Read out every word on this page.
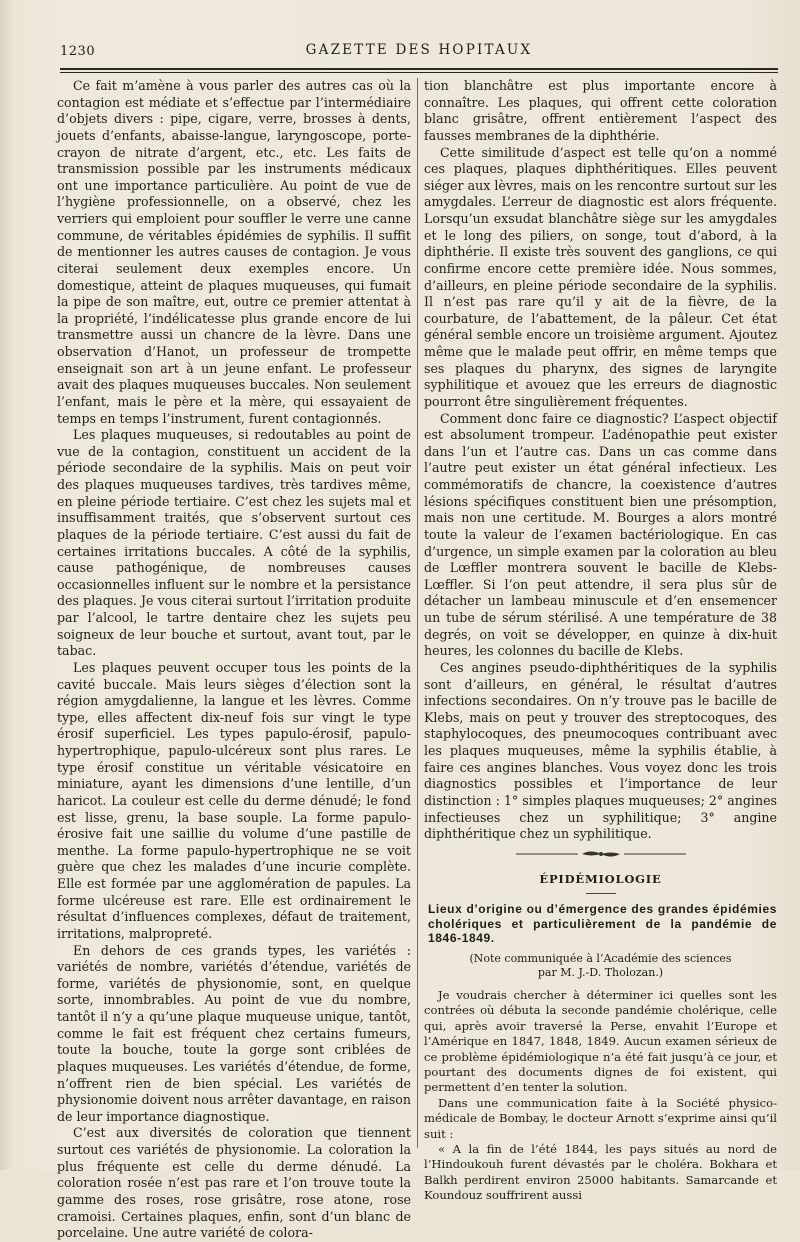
1230	GAZETTE DES HOPITAUX

Ce fait m’amène à vous parler des autres cas où la contagion est médiate et s’effectue par l’intermédiaire d’objets divers : pipe, cigare, verre, brosses à dents, jouets d’enfants, abaisse-langue, laryngoscope, porte-crayon de nitrate d’argent, etc., etc. Les faits de transmission possible par les instruments médicaux ont une importance particulière. Au point de vue de l’hygiène professionnelle, on a observé, chez les verriers qui emploient pour souffler le verre une canne commune, de véritables épidémies de syphilis. Il suffit de mentionner les autres causes de contagion. Je vous citerai seulement deux exemples encore. Un domestique, atteint de plaques muqueuses, qui fumait la pipe de son maître, eut, outre ce premier attentat à la propriété, l’indélicatesse plus grande encore de lui transmettre aussi un chancre de la lèvre. Dans une observation d’Hanot, un professeur de trompette enseignait son art à un jeune enfant. Le professeur avait des plaques muqueuses buccales. Non seulement l’enfant, mais le père et la mère, qui essayaient de temps en temps l’instrument, furent contagionnés.

Les plaques muqueuses, si redoutables au point de vue de la contagion, constituent un accident de la période secondaire de la syphilis. Mais on peut voir des plaques muqueuses tardives, très tardives même, en pleine période tertiaire. C’est chez les sujets mal et insuffisamment traités, que s’observent surtout ces plaques de la période tertiaire. C’est aussi du fait de certaines irritations buccales. A côté de la syphilis, cause pathogénique, de nombreuses causes occasionnelles influent sur le nombre et la persistance des plaques. Je vous citerai surtout l’irritation produite par l’alcool, le tartre dentaire chez les sujets peu soigneux de leur bouche et surtout, avant tout, par le tabac.

Les plaques peuvent occuper tous les points de la cavité buccale. Mais leurs sièges d’élection sont la région amygdalienne, la langue et les lèvres. Comme type, elles affectent dix-neuf fois sur vingt le type érosif superficiel. Les types papulo-érosif, papulo-hypertrophique, papulo-ulcéreux sont plus rares. Le type érosif constitue un véritable vésicatoire en miniature, ayant les dimensions d’une lentille, d’un haricot. La couleur est celle du derme dénudé; le fond est lisse, grenu, la base souple. La forme papulo-érosive fait une saillie du volume d’une pastille de menthe. La forme papulo-hypertrophique ne se voit guère que chez les malades d’une incurie complète. Elle est formée par une agglomération de papules. La forme ulcéreuse est rare. Elle est ordinairement le résultat d’influences complexes, défaut de traitement, irritations, malpropreté.

En dehors de ces grands types, les variétés : variétés de nombre, variétés d’étendue, variétés de forme, variétés de physionomie, sont, en quelque sorte, innombrables. Au point de vue du nombre, tantôt il n’y a qu’une plaque muqueuse unique, tantôt, comme le fait est fréquent chez certains fumeurs, toute la bouche, toute la gorge sont criblées de plaques muqueuses. Les variétés d’étendue, de forme, n’offrent rien de bien spécial. Les variétés de physionomie doivent nous arrêter davantage, en raison de leur importance diagnostique.

C’est aux diversités de coloration que tiennent surtout ces variétés de physionomie. La coloration la plus fréquente est celle du derme dénudé. La coloration rosée n’est pas rare et l’on trouve toute la gamme des roses, rose grisâtre, rose atone, rose cramoisi. Certaines plaques, enfin, sont d’un blanc de porcelaine. Une autre variété de colora-

tion blanchâtre est plus importante encore à connaître. Les plaques, qui offrent cette coloration blanc grisâtre, offrent entièrement l’aspect des fausses membranes de la diphthérie.

Cette similitude d’aspect est telle qu’on a nommé ces plaques, plaques diphthéritiques. Elles peuvent siéger aux lèvres, mais on les rencontre surtout sur les amygdales. L’erreur de diagnostic est alors fréquente. Lorsqu’un exsudat blanchâtre siège sur les amygdales et le long des piliers, on songe, tout d’abord, à la diphthérie. Il existe très souvent des ganglions, ce qui confirme encore cette première idée. Nous sommes, d’ailleurs, en pleine période secondaire de la syphilis. Il n’est pas rare qu’il y ait de la fièvre, de la courbature, de l’abattement, de la pâleur. Cet état général semble encore un troisième argument. Ajoutez même que le malade peut offrir, en même temps que ses plaques du pharynx, des signes de laryngite syphilitique et avouez que les erreurs de diagnostic pourront être singulièrement fréquentes.

Comment donc faire ce diagnostic? L’aspect objectif est absolument trompeur. L’adénopathie peut exister dans l’un et l’autre cas. Dans un cas comme dans l’autre peut exister un état général infectieux. Les commémoratifs de chancre, la coexistence d’autres lésions spécifiques constituent bien une présomption, mais non une certitude. M. Bourges a alors montré toute la valeur de l’examen bactériologique. En cas d’urgence, un simple examen par la coloration au bleu de Lœffler montrera souvent le bacille de Klebs-Lœffler. Si l’on peut attendre, il sera plus sûr de détacher un lambeau minuscule et d’en ensemencer un tube de sérum stérilisé. A une température de 38 degrés, on voit se développer, en quinze à dix-huit heures, les colonnes du bacille de Klebs.

Ces angines pseudo-diphthéritiques de la syphilis sont d’ailleurs, en général, le résultat d’autres infections secondaires. On n’y trouve pas le bacille de Klebs, mais on peut y trouver des streptocoques, des staphylocoques, des pneumocoques contribuant avec les plaques muqueuses, même la syphilis établie, à faire ces angines blanches. Vous voyez donc les trois diagnostics possibles et l’importance de leur distinction : 1° simples plaques muqueuses; 2° angines infectieuses chez un syphilitique; 3° angine diphthéritique chez un syphilitique.

ÉPIDÉMIOLOGIE
Lieux d’origine ou d’émergence des grandes épidémies cholériques et particulièrement de la pandémie de 1846-1849.
(Note communiquée à l’Académie des sciences
par M. J.-D. Tholozan.)

Je voudrais chercher à déterminer ici quelles sont les contrées où débuta la seconde pandémie cholérique, celle qui, après avoir traversé la Perse, envahit l’Europe et l’Amérique en 1847, 1848, 1849. Aucun examen sérieux de ce problème épidémiologique n’a été fait jusqu’à ce jour, et pourtant des documents dignes de foi existent, qui permettent d’en tenter la solution.

Dans une communication faite à la Société physico-médicale de Bombay, le docteur Arnott s’exprime ainsi qu’il suit :

« A la fin de l’été 1844, les pays situés au nord de l’Hindoukouh furent dévastés par le choléra. Bokhara et Balkh perdirent environ 25000 habitants. Samarcande et Koundouz souffrirent aussi
